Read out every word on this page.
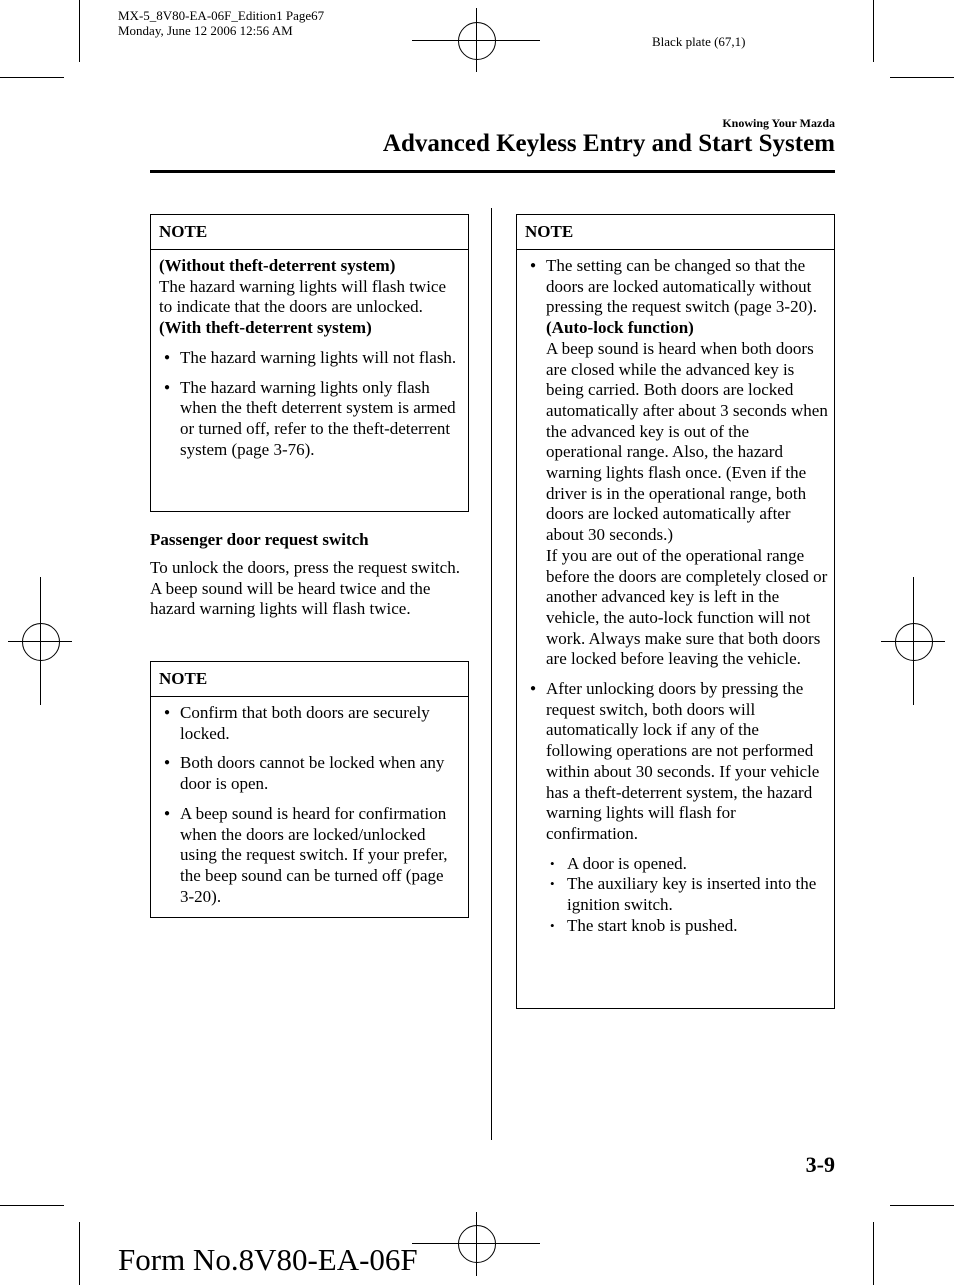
MX-5_8V80-EA-06F_Edition1 Page67
Monday, June 12 2006 12:56 AM
Black plate (67,1)
Knowing Your Mazda
Advanced Keyless Entry and Start System
NOTE
(Without theft-deterrent system)
The hazard warning lights will flash twice to indicate that the doors are unlocked.
(With theft-deterrent system)
● The hazard warning lights will not flash.
● The hazard warning lights only flash when the theft deterrent system is armed or turned off, refer to the theft-deterrent system (page 3-76).
Passenger door request switch
To unlock the doors, press the request switch. A beep sound will be heard twice and the hazard warning lights will flash twice.
NOTE
● Confirm that both doors are securely locked.
● Both doors cannot be locked when any door is open.
● A beep sound is heard for confirmation when the doors are locked/unlocked using the request switch. If your prefer, the beep sound can be turned off (page 3-20).
NOTE
● The setting can be changed so that the doors are locked automatically without pressing the request switch (page 3-20).
(Auto-lock function)
A beep sound is heard when both doors are closed while the advanced key is being carried. Both doors are locked automatically after about 3 seconds when the advanced key is out of the operational range. Also, the hazard warning lights flash once. (Even if the driver is in the operational range, both doors are locked automatically after about 30 seconds.)
If you are out of the operational range before the doors are completely closed or another advanced key is left in the vehicle, the auto-lock function will not work. Always make sure that both doors are locked before leaving the vehicle.
● After unlocking doors by pressing the request switch, both doors will automatically lock if any of the following operations are not performed within about 30 seconds. If your vehicle has a theft-deterrent system, the hazard warning lights will flash for confirmation.
• A door is opened.
• The auxiliary key is inserted into the ignition switch.
• The start knob is pushed.
3-9
Form No.8V80-EA-06F
